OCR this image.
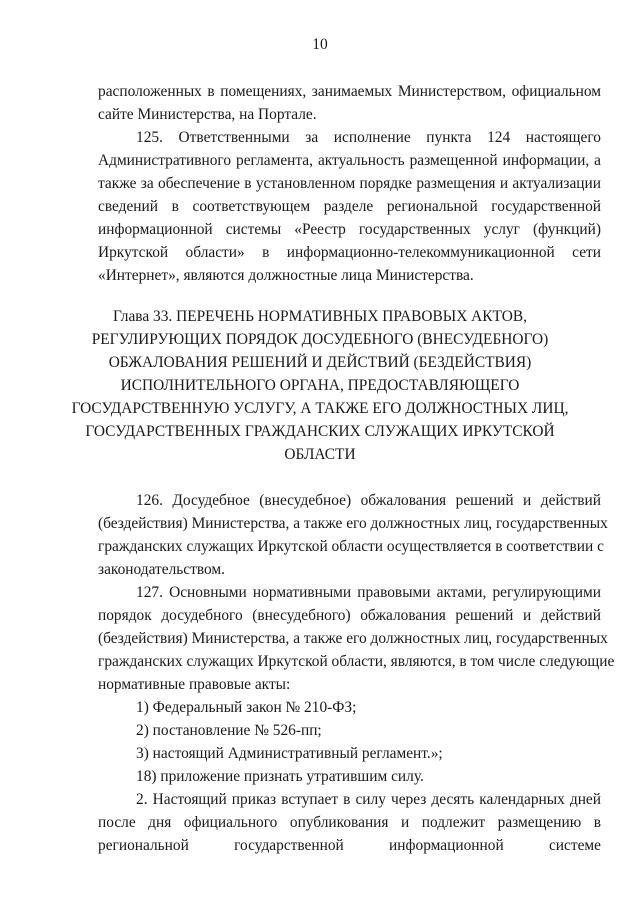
10
расположенных в помещениях, занимаемых Министерством, официальном
сайте Министерства, на Портале.
125. Ответственными за исполнение пункта 124 настоящего
Административного регламента, актуальность размещенной информации, а
также за обеспечение в установленном порядке размещения и актуализации
сведений в соответствующем разделе региональной государственной
информационной системы «Реестр государственных услуг (функций)
Иркутской области» в информационно-телекоммуникационной сети
«Интернет», являются должностные лица Министерства.
Глава 33. ПЕРЕЧЕНЬ НОРМАТИВНЫХ ПРАВОВЫХ АКТОВ,
РЕГУЛИРУЮЩИХ ПОРЯДОК ДОСУДЕБНОГО (ВНЕСУДЕБНОГО)
ОБЖАЛОВАНИЯ РЕШЕНИЙ И ДЕЙСТВИЙ (БЕЗДЕЙСТВИЯ)
ИСПОЛНИТЕЛЬНОГО ОРГАНА, ПРЕДОСТАВЛЯЮЩЕГО
ГОСУДАРСТВЕННУЮ УСЛУГУ, А ТАКЖЕ ЕГО ДОЛЖНОСТНЫХ ЛИЦ,
ГОСУДАРСТВЕННЫХ ГРАЖДАНСКИХ СЛУЖАЩИХ ИРКУТСКОЙ
ОБЛАСТИ
126. Досудебное (внесудебное) обжалования решений и действий
(бездействия) Министерства, а также его должностных лиц, государственных
гражданских служащих Иркутской области осуществляется в соответствии с
законодательством.
127. Основными нормативными правовыми актами, регулирующими
порядок досудебного (внесудебного) обжалования решений и действий
(бездействия) Министерства, а также его должностных лиц, государственных
гражданских служащих Иркутской области, являются, в том числе следующие
нормативные правовые акты:
1) Федеральный закон № 210-ФЗ;
2) постановление № 526-пп;
3) настоящий Административный регламент.»;
18) приложение признать утратившим силу.
2. Настоящий приказ вступает в силу через десять календарных дней
после дня официального опубликования и подлежит размещению в
региональной государственной информационной системе
